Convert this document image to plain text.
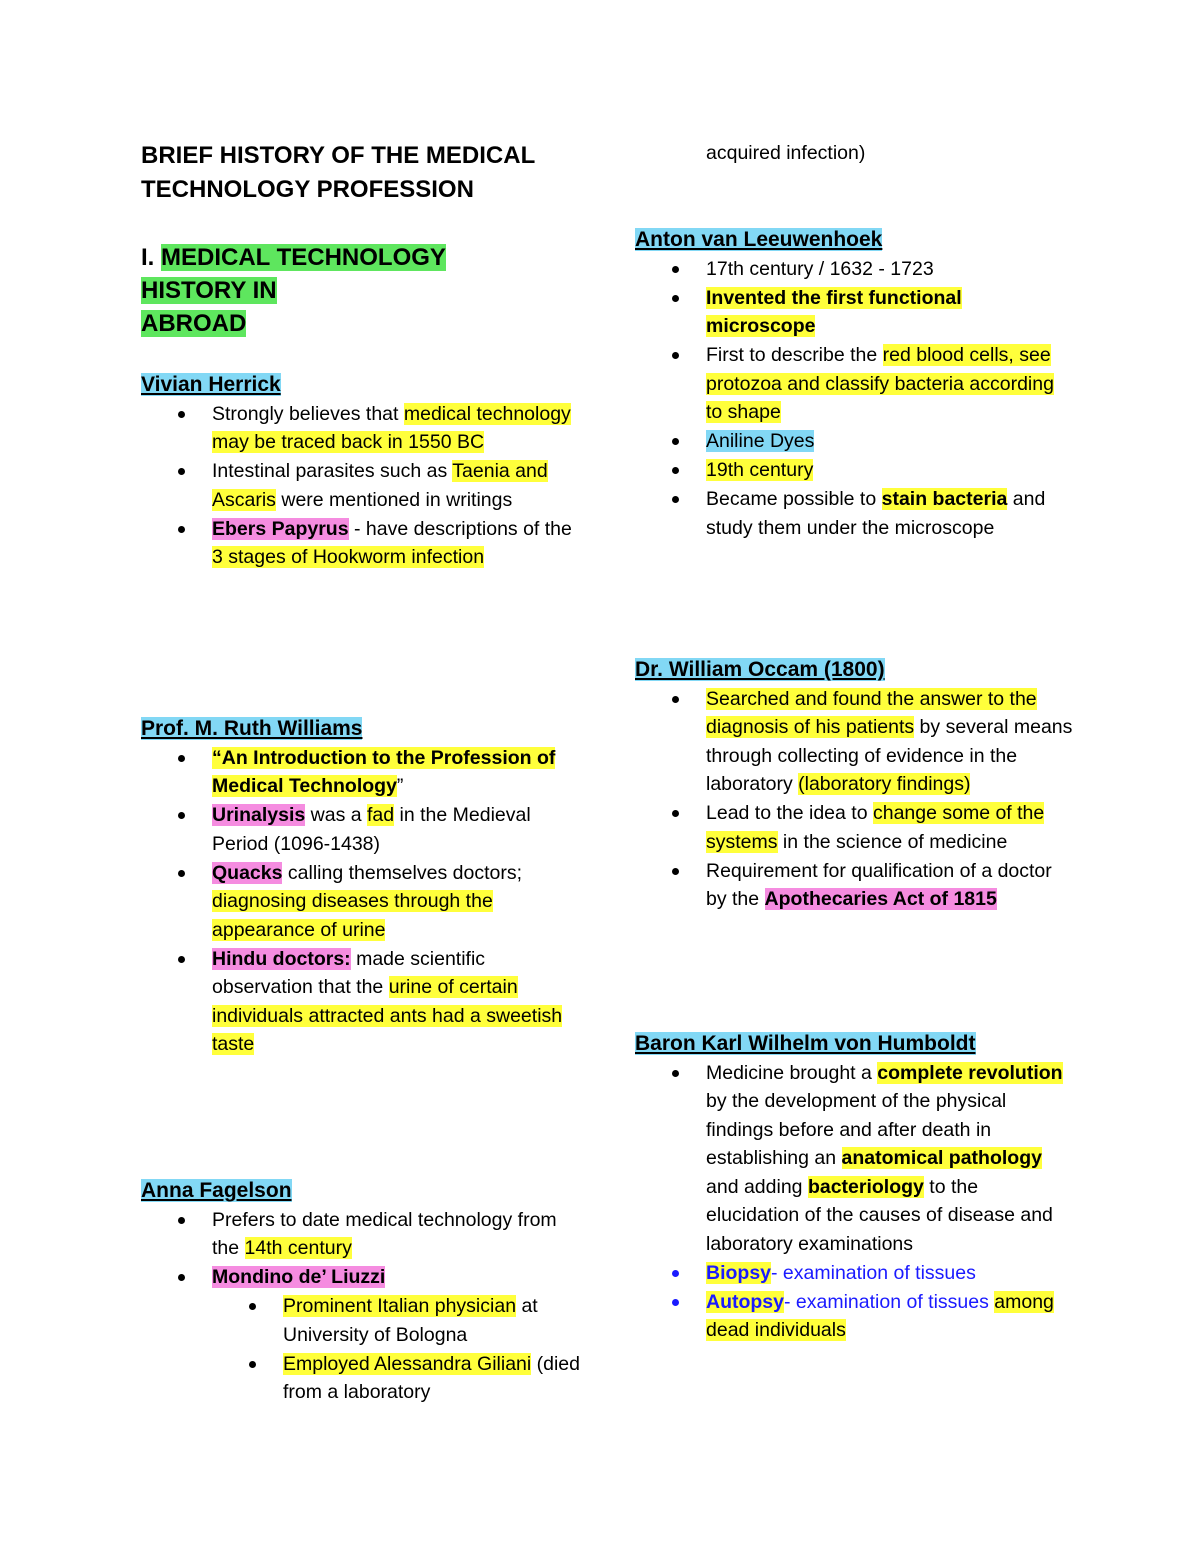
BRIEF HISTORY OF THE MEDICAL
TECHNOLOGY PROFESSION
I. MEDICAL TECHNOLOGY
HISTORY IN
ABROAD
Vivian Herrick
Strongly believes that medical technology may be traced back in 1550 BC
Intestinal parasites such as Taenia and Ascaris were mentioned in writings
Ebers Papyrus - have descriptions of the 3 stages of Hookworm infection
Prof. M. Ruth Williams
“An Introduction to the Profession of Medical Technology”
Urinalysis was a fad in the Medieval Period (1096-1438)
Quacks calling themselves doctors; diagnosing diseases through the appearance of urine
Hindu doctors: made scientific observation that the urine of certain individuals attracted ants had a sweetish taste
Anna Fagelson
Prefers to date medical technology from the 14th century
Mondino de’ Liuzzi
Prominent Italian physician at University of Bologna
Employed Alessandra Giliani (died from a laboratory
acquired infection)
Anton van Leeuwenhoek
17th century / 1632 - 1723
Invented the first functional microscope
First to describe the red blood cells, see protozoa and classify bacteria according to shape
Aniline Dyes
19th century
Became possible to stain bacteria and study them under the microscope
Dr. William Occam (1800)
Searched and found the answer to the diagnosis of his patients by several means through collecting of evidence in the laboratory (laboratory findings)
Lead to the idea to change some of the systems in the science of medicine
Requirement for qualification of a doctor by the Apothecaries Act of 1815
Baron Karl Wilhelm von Humboldt
Medicine brought a complete revolution by the development of the physical findings before and after death in establishing an anatomical pathology and adding bacteriology to the elucidation of the causes of disease and laboratory examinations
Biopsy- examination of tissues
Autopsy- examination of tissues among dead individuals
